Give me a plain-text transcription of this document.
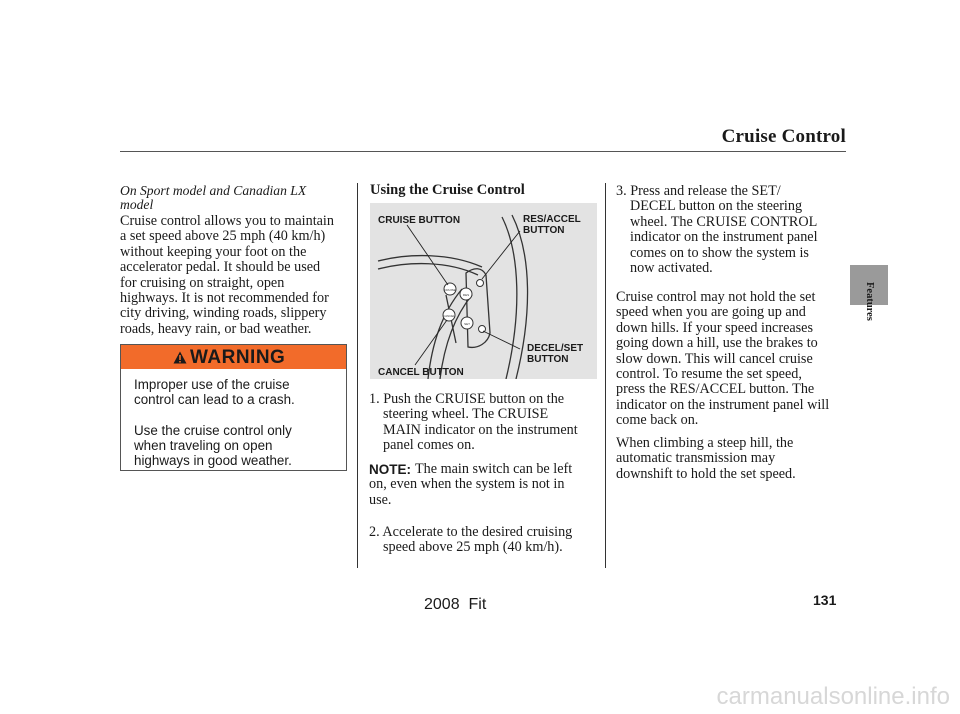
Cruise Control
Features
On Sport model and Canadian LX
model
Cruise control allows you to maintain
a set speed above 25 mph (40 km/h)
without keeping your foot on the
accelerator pedal. It should be used
for cruising on straight, open
highways. It is not recommended for
city driving, winding roads, slippery
roads, heavy rain, or bad weather.
WARNING
Improper use of the cruise
control can lead to a crash.
Use the cruise control only
when traveling on open
highways in good weather.
Using the Cruise Control
CRUISE
CANCEL
RES
SET
CRUISE BUTTON	RES/ACCEL
BUTTON
DECEL/SET
BUTTON
CANCEL BUTTON
1. Push the CRUISE button on the
steering wheel. The CRUISE
MAIN indicator on the instrument
panel comes on.
NOTE: The main switch can be left
on, even when the system is not in
use.
2. Accelerate to the desired cruising
speed above 25 mph (40 km/h).
3. Press and release the SET/
DECEL button on the steering
wheel. The CRUISE CONTROL
indicator on the instrument panel
comes on to show the system is
now activated.
Cruise control may not hold the set
speed when you are going up and
down hills. If your speed increases
going down a hill, use the brakes to
slow down. This will cancel cruise
control. To resume the set speed,
press the RES/ACCEL button. The
indicator on the instrument panel will
come back on.
When climbing a steep hill, the
automatic transmission may
downshift to hold the set speed.
2008  Fit	131
carmanualsonline.info
